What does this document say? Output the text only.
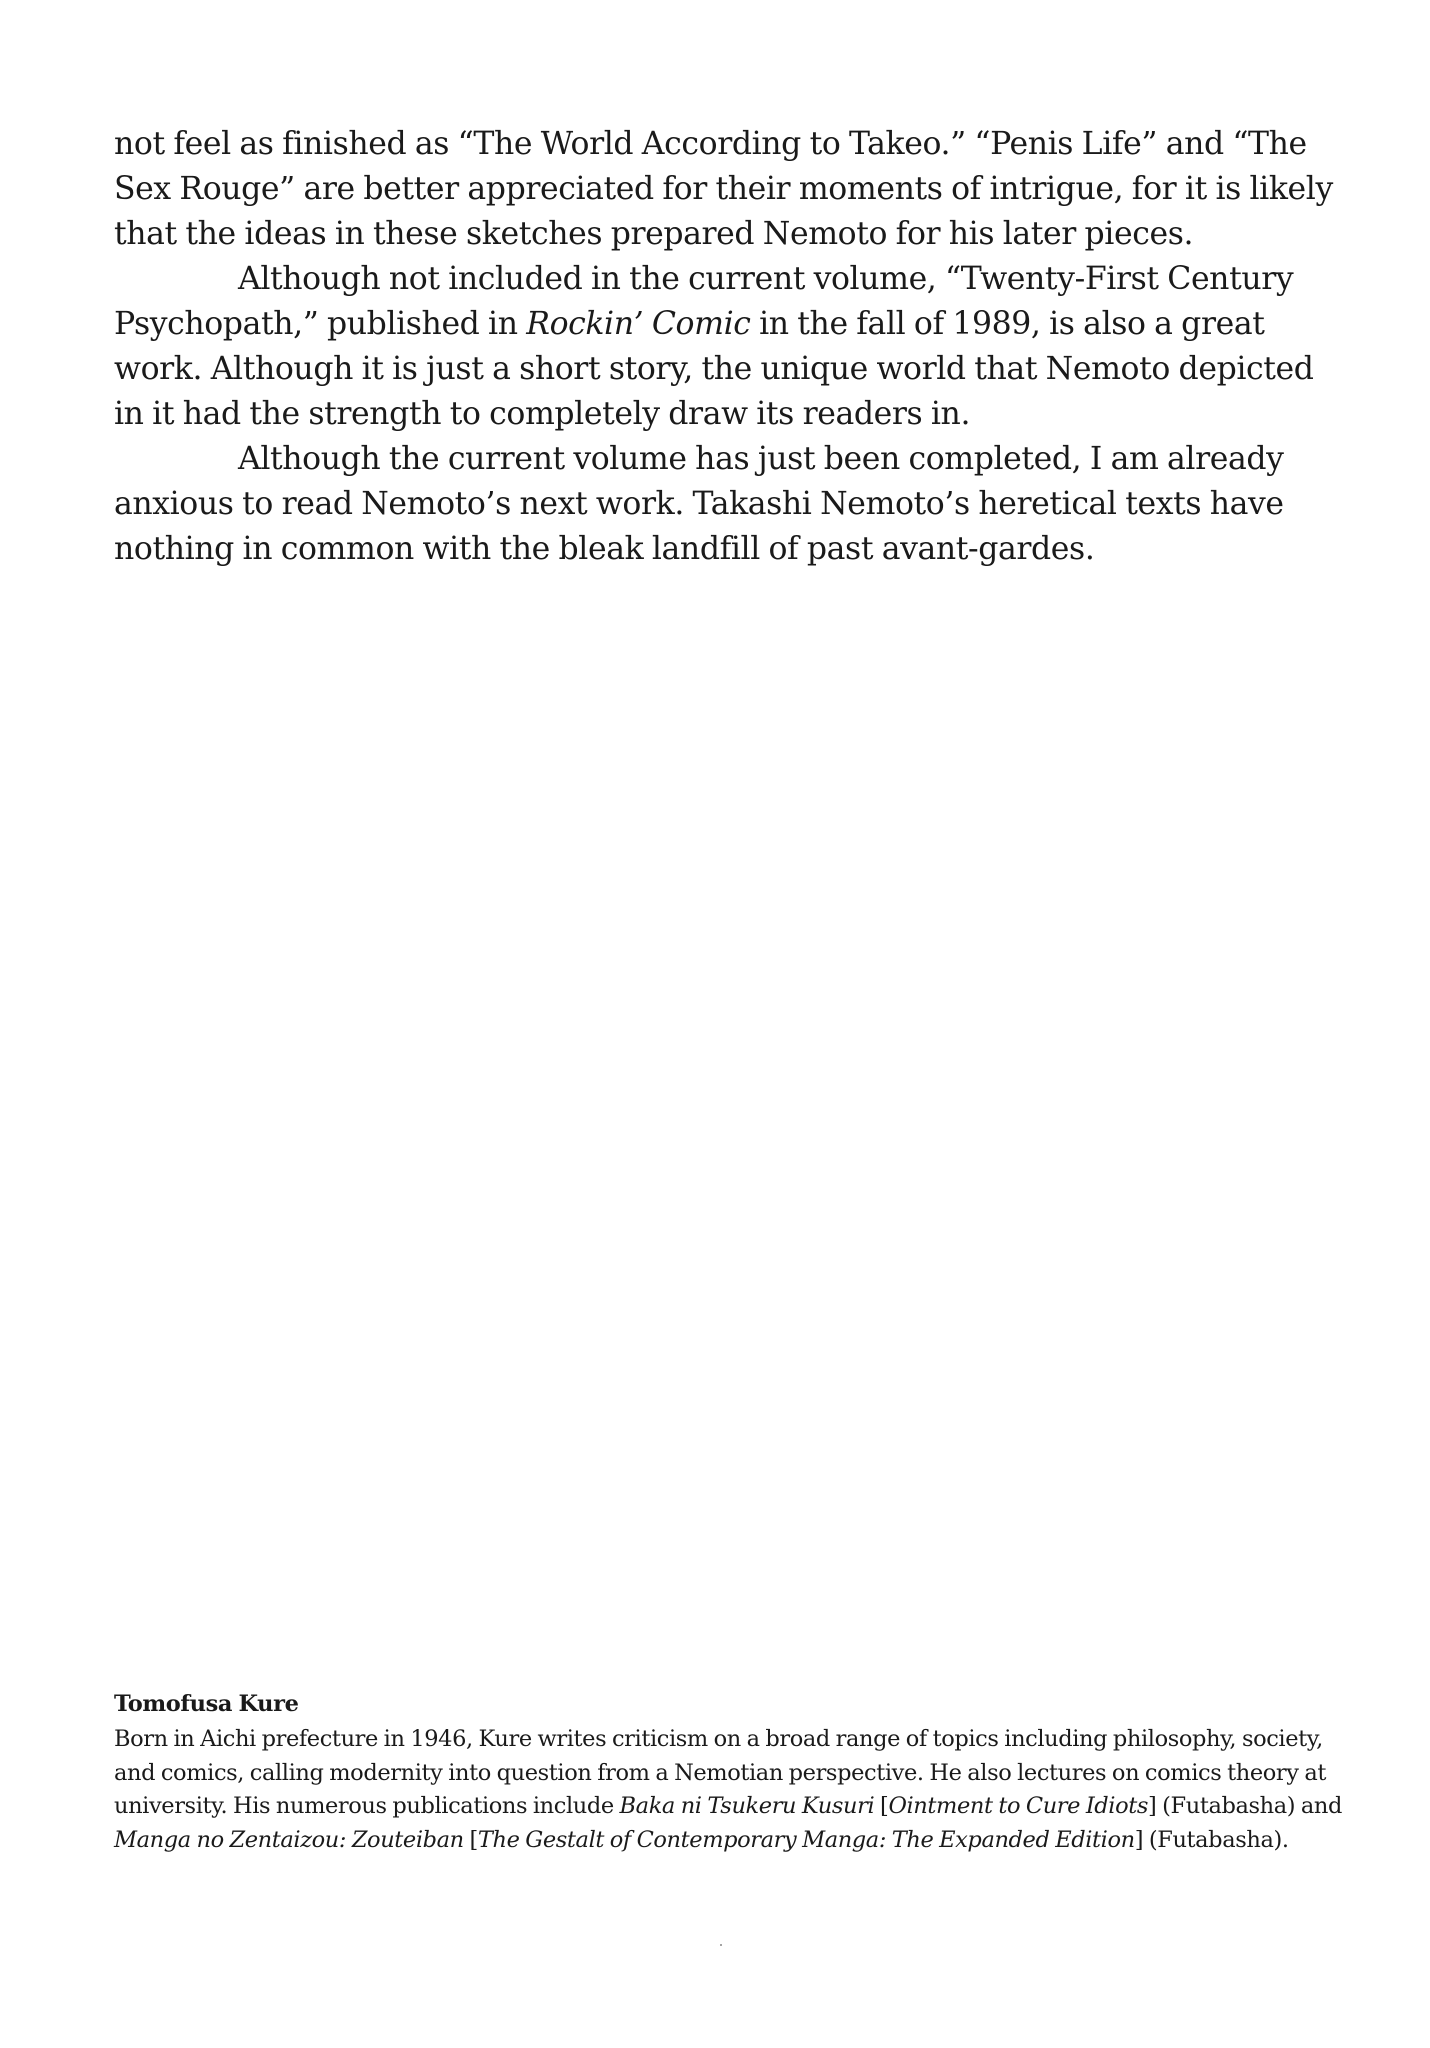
not feel as finished as “The World According to Takeo.” “Penis Life” and “The Sex Rouge” are better appreciated for their moments of intrigue, for it is likely that the ideas in these sketches prepared Nemoto for his later pieces.

Although not included in the current volume, “Twenty-First Century Psychopath,” published in Rockin’ Comic in the fall of 1989, is also a great work. Although it is just a short story, the unique world that Nemoto depicted in it had the strength to completely draw its readers in.

Although the current volume has just been completed, I am already anxious to read Nemoto’s next work. Takashi Nemoto’s heretical texts have nothing in common with the bleak landfill of past avant-gardes.

Tomofusa Kure

Born in Aichi prefecture in 1946, Kure writes criticism on a broad range of topics including philosophy, society, and comics, calling modernity into question from a Nemotian perspective. He also lectures on comics theory at university. His numerous publications include Baka ni Tsukeru Kusuri [Ointment to Cure Idiots] (Futabasha) and Manga no Zentaizou: Zouteiban [The Gestalt of Contemporary Manga: The Expanded Edition] (Futabasha).
